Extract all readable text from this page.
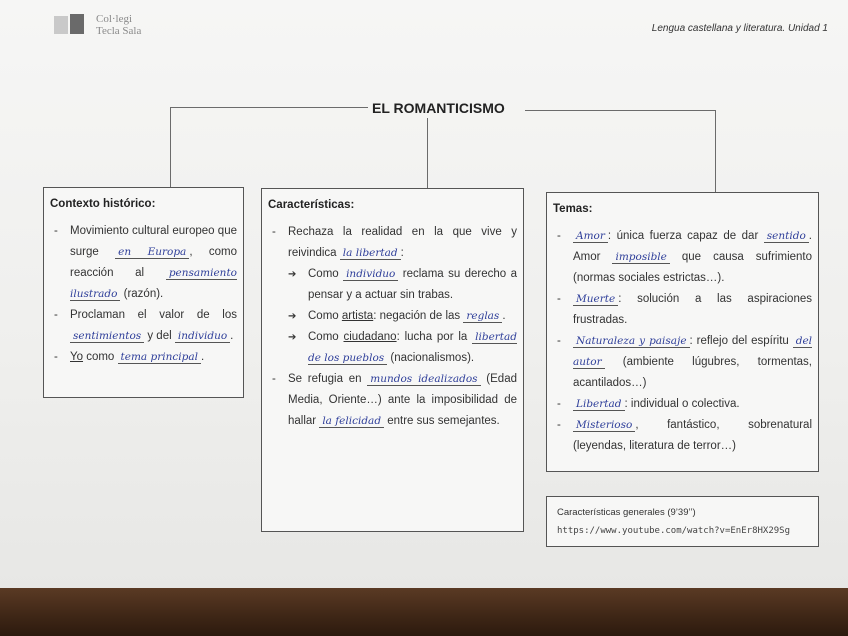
Col·legi
Tecla Sala	Lengua castellana y literatura. Unidad 1
EL ROMANTICISMO
Contexto histórico:
- Movimiento cultural europeo que surge en Europa , como reacción al pensamiento ilustrado (razón).
- Proclaman el valor de los sentimientos y del individuo .
- Yo como tema principal .
Características:
- Rechaza la realidad en la que vive y reivindica la libertad :
➔ Como individuo reclama su derecho a pensar y a actuar sin trabas.
➔ Como artista: negación de las reglas .
➔ Como ciudadano: lucha por la libertad de los pueblos (nacionalismos).
- Se refugia en mundos idealizados (Edad Media, Oriente…) ante la imposibilidad de hallar la felicidad entre sus semejantes.
Temas:
- Amor : única fuerza capaz de dar sentido . Amor imposible que causa sufrimiento (normas sociales estrictas…).
- Muerte : solución a las aspiraciones frustradas.
- Naturaleza y paisaje : reflejo del espíritu del autor (ambiente lúgubres, tormentas, acantilados…)
- Libertad : individual o colectiva.
- Misterioso , fantástico, sobrenatural (leyendas, literatura de terror…)
Características generales (9’39’’)
https://www.youtube.com/watch?v=EnEr8HX29Sg
